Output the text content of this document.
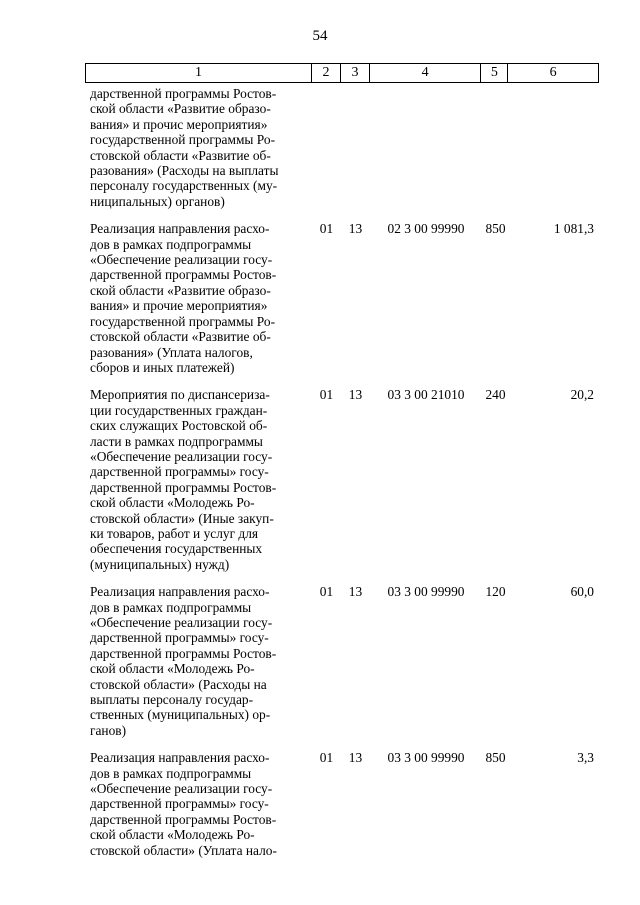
54
1	2	3	4	5	6
дарственной программы Ростов-
ской области «Развитие образо-
вания» и прочис мероприятия»
государственной программы Ро-
стовской области «Развитие об-
разования» (Расходы на выплаты
персоналу государственных (му-
ниципальных) органов)
Реализация направления расхо-
дов в рамках подпрограммы
«Обеспечение реализации госу-
дарственной программы Ростов-
ской области «Развитие образо-
вания» и прочие мероприятия»
государственной программы Ро-
стовской области «Развитие об-
разования» (Уплата налогов,
сборов и иных платежей)
01	13	02 3 00 99990	850	1 081,3
Мероприятия по диспансериза-
ции государственных граждан-
ских служащих Ростовской об-
ласти в рамках подпрограммы
«Обеспечение реализации госу-
дарственной программы» госу-
дарственной программы Ростов-
ской области «Молодежь Ро-
стовской области» (Иные закуп-
ки товаров, работ и услуг для
обеспечения государственных
(муниципальных) нужд)
01	13	03 3 00 21010	240	20,2
Реализация направления расхо-
дов в рамках подпрограммы
«Обеспечение реализации госу-
дарственной программы» госу-
дарственной программы Ростов-
ской области «Молодежь Ро-
стовской области» (Расходы на
выплаты персоналу государ-
ственных (муниципальных) ор-
ганов)
01	13	03 3 00 99990	120	60,0
Реализация направления расхо-
дов в рамках подпрограммы
«Обеспечение реализации госу-
дарственной программы» госу-
дарственной программы Ростов-
ской области «Молодежь Ро-
стовской области» (Уплата нало-
01	13	03 3 00 99990	850	3,3
